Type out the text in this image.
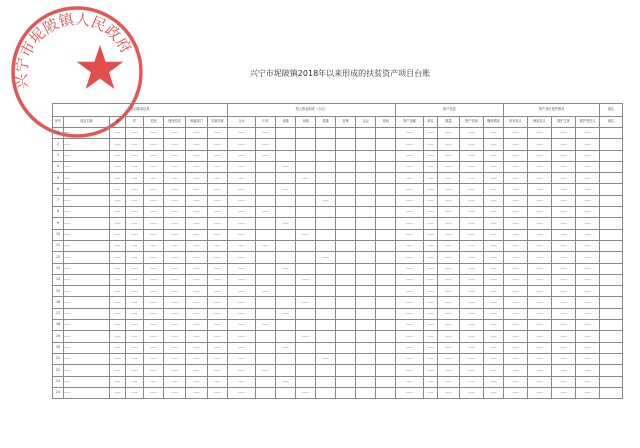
兴宁市坭陂镇人民政府
兴宁市坭陂镇2018年以来形成的扶贫资产项目台账
项目基本信息								投入资金构成（万元）								资产信息					资产登记管护情况				备注
序号	项目名称	镇	村	类别	建设性质	所属部门	实施年度	合计	中央	省级	市级	县级	自筹	社会	其他	资产金额	单位	数量	资产类别	确权情况	所有权人	使用权人	管护主体	管护责任人	备注
1	——	——	——	——	——	——	——	——	——							——	——	——	——	——	——	——	——	——	
2	——	——	——	——	——	——	——	——	——							——	——	——	——	——	——	——	——	——	
3	——	——	——	——	——	——	——	——	——							——	——	——	——	——	——	——	——	——	
4	——	——	——	——	——	——	——	——		——						——	——	——	——	——	——	——	——	——	
5	——	——	——	——	——	——	——	——			——					——	——	——	——	——	——	——	——	——	
6	——	——	——	——	——	——	——	——		——						——	——	——	——	——	——	——	——	——	
7	——	——	——	——	——	——	——	——				——				——	——	——	——	——	——	——	——	——	
8	——	——	——	——	——	——	——	——	——							——	——	——	——	——	——	——	——	——	
9	——	——	——	——	——	——	——	——		——						——	——	——	——	——	——	——	——	——	
10	——	——	——	——	——	——	——	——			——					——	——	——	——	——	——	——	——	——	
11	——	——	——	——	——	——	——	——	——							——	——	——	——	——	——	——	——	——	
12	——	——	——	——	——	——	——	——				——				——	——	——	——	——	——	——	——	——	
13	——	——	——	——	——	——	——	——		——						——	——	——	——	——	——	——	——	——	
14	——	——	——	——	——	——	——	——			——					——	——	——	——	——	——	——	——	——	
15	——	——	——	——	——	——	——	——	——							——	——	——	——	——	——	——	——	——	
16	——	——	——	——	——	——	——	——			——					——	——	——	——	——	——	——	——	——	
17	——	——	——	——	——	——	——	——		——						——	——	——	——	——	——	——	——	——	
18	——	——	——	——	——	——	——	——	——							——	——	——	——	——	——	——	——	——	
19	——	——	——	——	——	——	——	——			——					——	——	——	——	——	——	——	——	——	
20	——	——	——	——	——	——	——	——		——						——	——	——	——	——	——	——	——	——	
21	——	——	——	——	——	——	——	——				——				——	——	——	——	——	——	——	——	——	
22	——	——	——	——	——	——	——	——	——							——	——	——	——	——	——	——	——	——	
23	——	——	——	——	——	——	——	——		——						——	——	——	——	——	——	——	——	——	
24	——	——	——	——	——	——	——	——			——					——	——	——	——	——	——	——	——	——	
